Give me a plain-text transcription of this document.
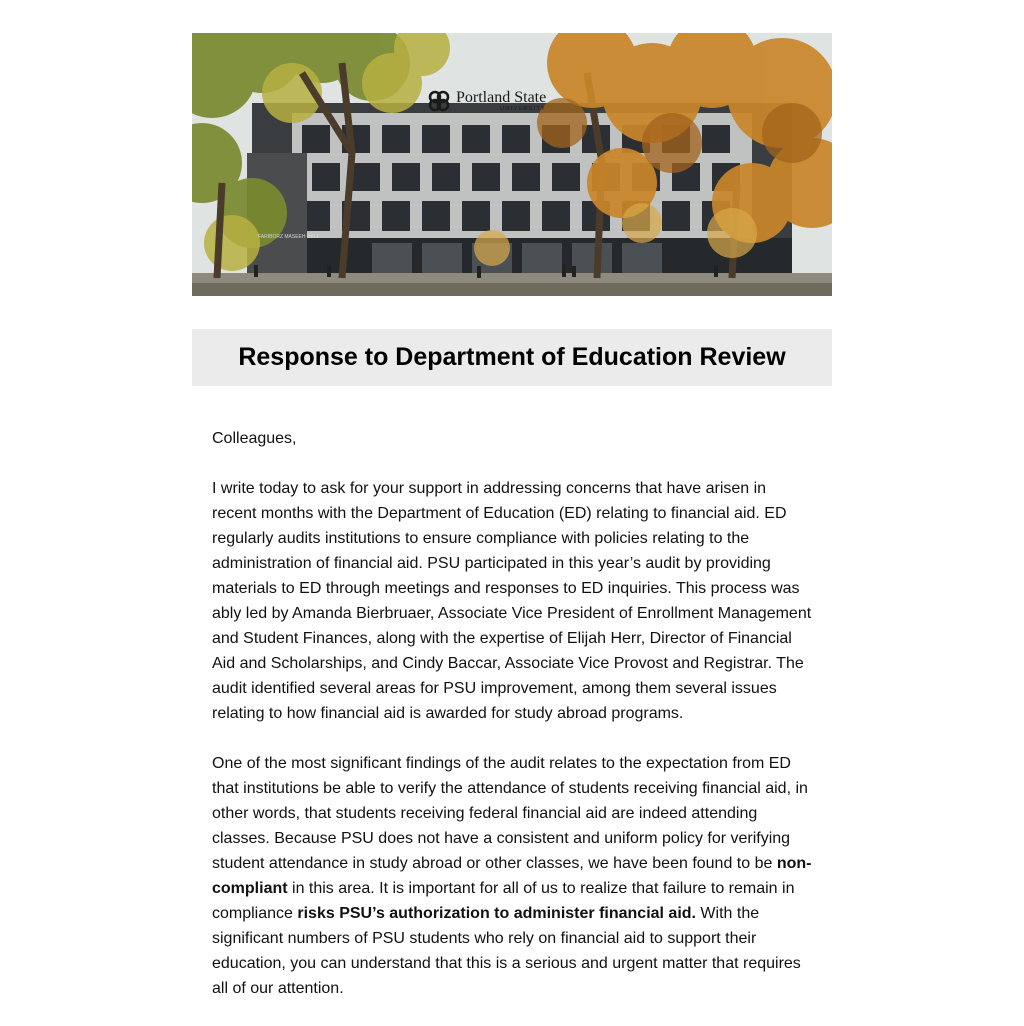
FARIBORZ MASEEH HALL
Portland State
UNIVERSITY
Response to Department of Education Review

Colleagues,

I write today to ask for your support in addressing concerns that have arisen in recent months with the Department of Education (ED) relating to financial aid. ED regularly audits institutions to ensure compliance with policies relating to the administration of financial aid. PSU participated in this year’s audit by providing materials to ED through meetings and responses to ED inquiries. This process was ably led by Amanda Bierbruaer, Associate Vice President of Enrollment Management and Student Finances, along with the expertise of Elijah Herr, Director of Financial Aid and Scholarships, and Cindy Baccar, Associate Vice Provost and Registrar. The audit identified several areas for PSU improvement, among them several issues relating to how financial aid is awarded for study abroad programs.

One of the most significant findings of the audit relates to the expectation from ED that institutions be able to verify the attendance of students receiving financial aid, in other words, that students receiving federal financial aid are indeed attending classes. Because PSU does not have a consistent and uniform policy for verifying student attendance in study abroad or other classes, we have been found to be non-compliant in this area. It is important for all of us to realize that failure to remain in compliance risks PSU’s authorization to administer financial aid. With the significant numbers of PSU students who rely on financial aid to support their education, you can understand that this is a serious and urgent matter that requires all of our attention.
